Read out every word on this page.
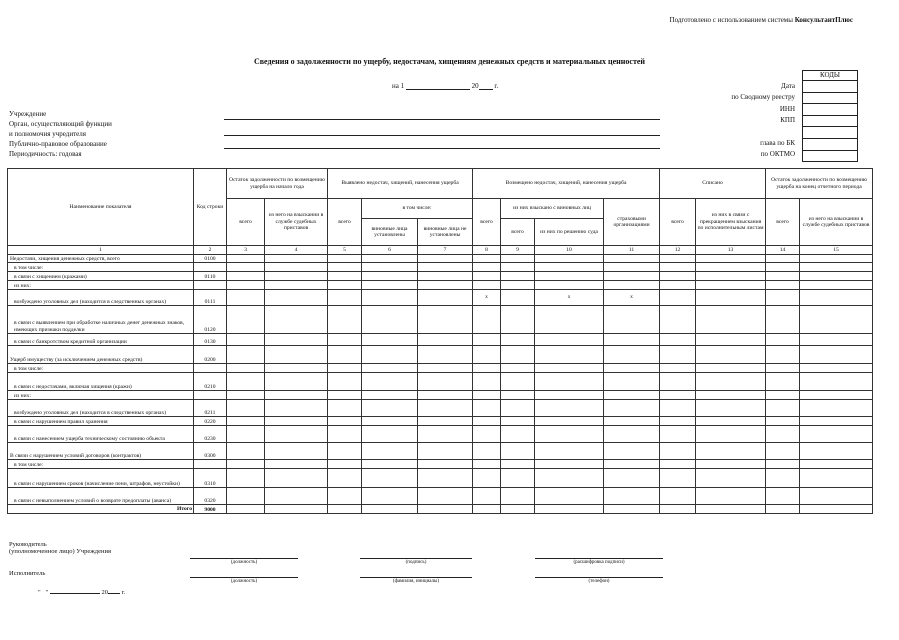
Подготовлено с использованием системы КонсультантПлюс
Сведения о задолженности по ущербу, недостачам, хищениям денежных средств и материальных ценностей
на 1	20 г.
КОДЫ
Дата
по Сводному реестру
ИНН
КПП
глава по БК
по ОКТМО
Учреждение
Орган, осуществляющий функции
и полномочия учредителя
Публично-правовое образование
Периодичность: годовая
Наименование показателя	Код строки	Остаток задолженности по возмещению ущерба на начало года		Выявлено недостач, хищений, нанесения ущерба			Возмещено недостач, хищений, нанесения ущерба				Списано		Остаток задолженности по возмещению ущерба на конец отчетного периода	
		всего	из него на взыскании в службе судебных приставов	всего	в том числе:		всего	из них взыскано с виновных лиц		страховыми организациями	всего	из них в связи с прекращением взыскания по исполнительным листам	всего	из него на взыскании в службе судебных приставов
					виновные лица установлены	виновные лица не установлены		всего	из них по решению суда					
1	2	3	4	5	6	7	8	9	10	11	12	13	14	15
Недостачи, хищения денежных средств, всего	0100													
в том числе:														
в связи с хищением (кражами)	0110													
из них:														
возбуждено уголовных дел (находится в следственных органах)	0111						x		x	x				
в связи с выявлением при обработке наличных денег денежных знаков, имеющих признаки подделки	0120													
в связи с банкротством кредитной организации	0130													
Ущерб имуществу (за исключением денежных средств)	0200													
в том числе:														
в связи с недостачами, включая хищения (кражи)	0210													
из них:														
возбуждено уголовных дел (находится в следственных органах)	0211													
в связи с нарушением правил хранения	0220													
в связи с нанесением ущерба техническому состоянию объекта	0230													
В связи с нарушением условий договоров (контрактов)	0300													
в том числе:														
в связи с нарушением сроков (начисление пени, штрафов, неустойки)	0310													
в связи с невыполнением условий о возврате предоплаты (аванса)	0320													
Итого	9000													
Руководитель
(уполномоченное лицо) Учреждения
(должность)	(подпись)	(расшифровка подписи)
Исполнитель
(должность)	(фамилия, инициалы)	(телефон)
"   "	20 г.
